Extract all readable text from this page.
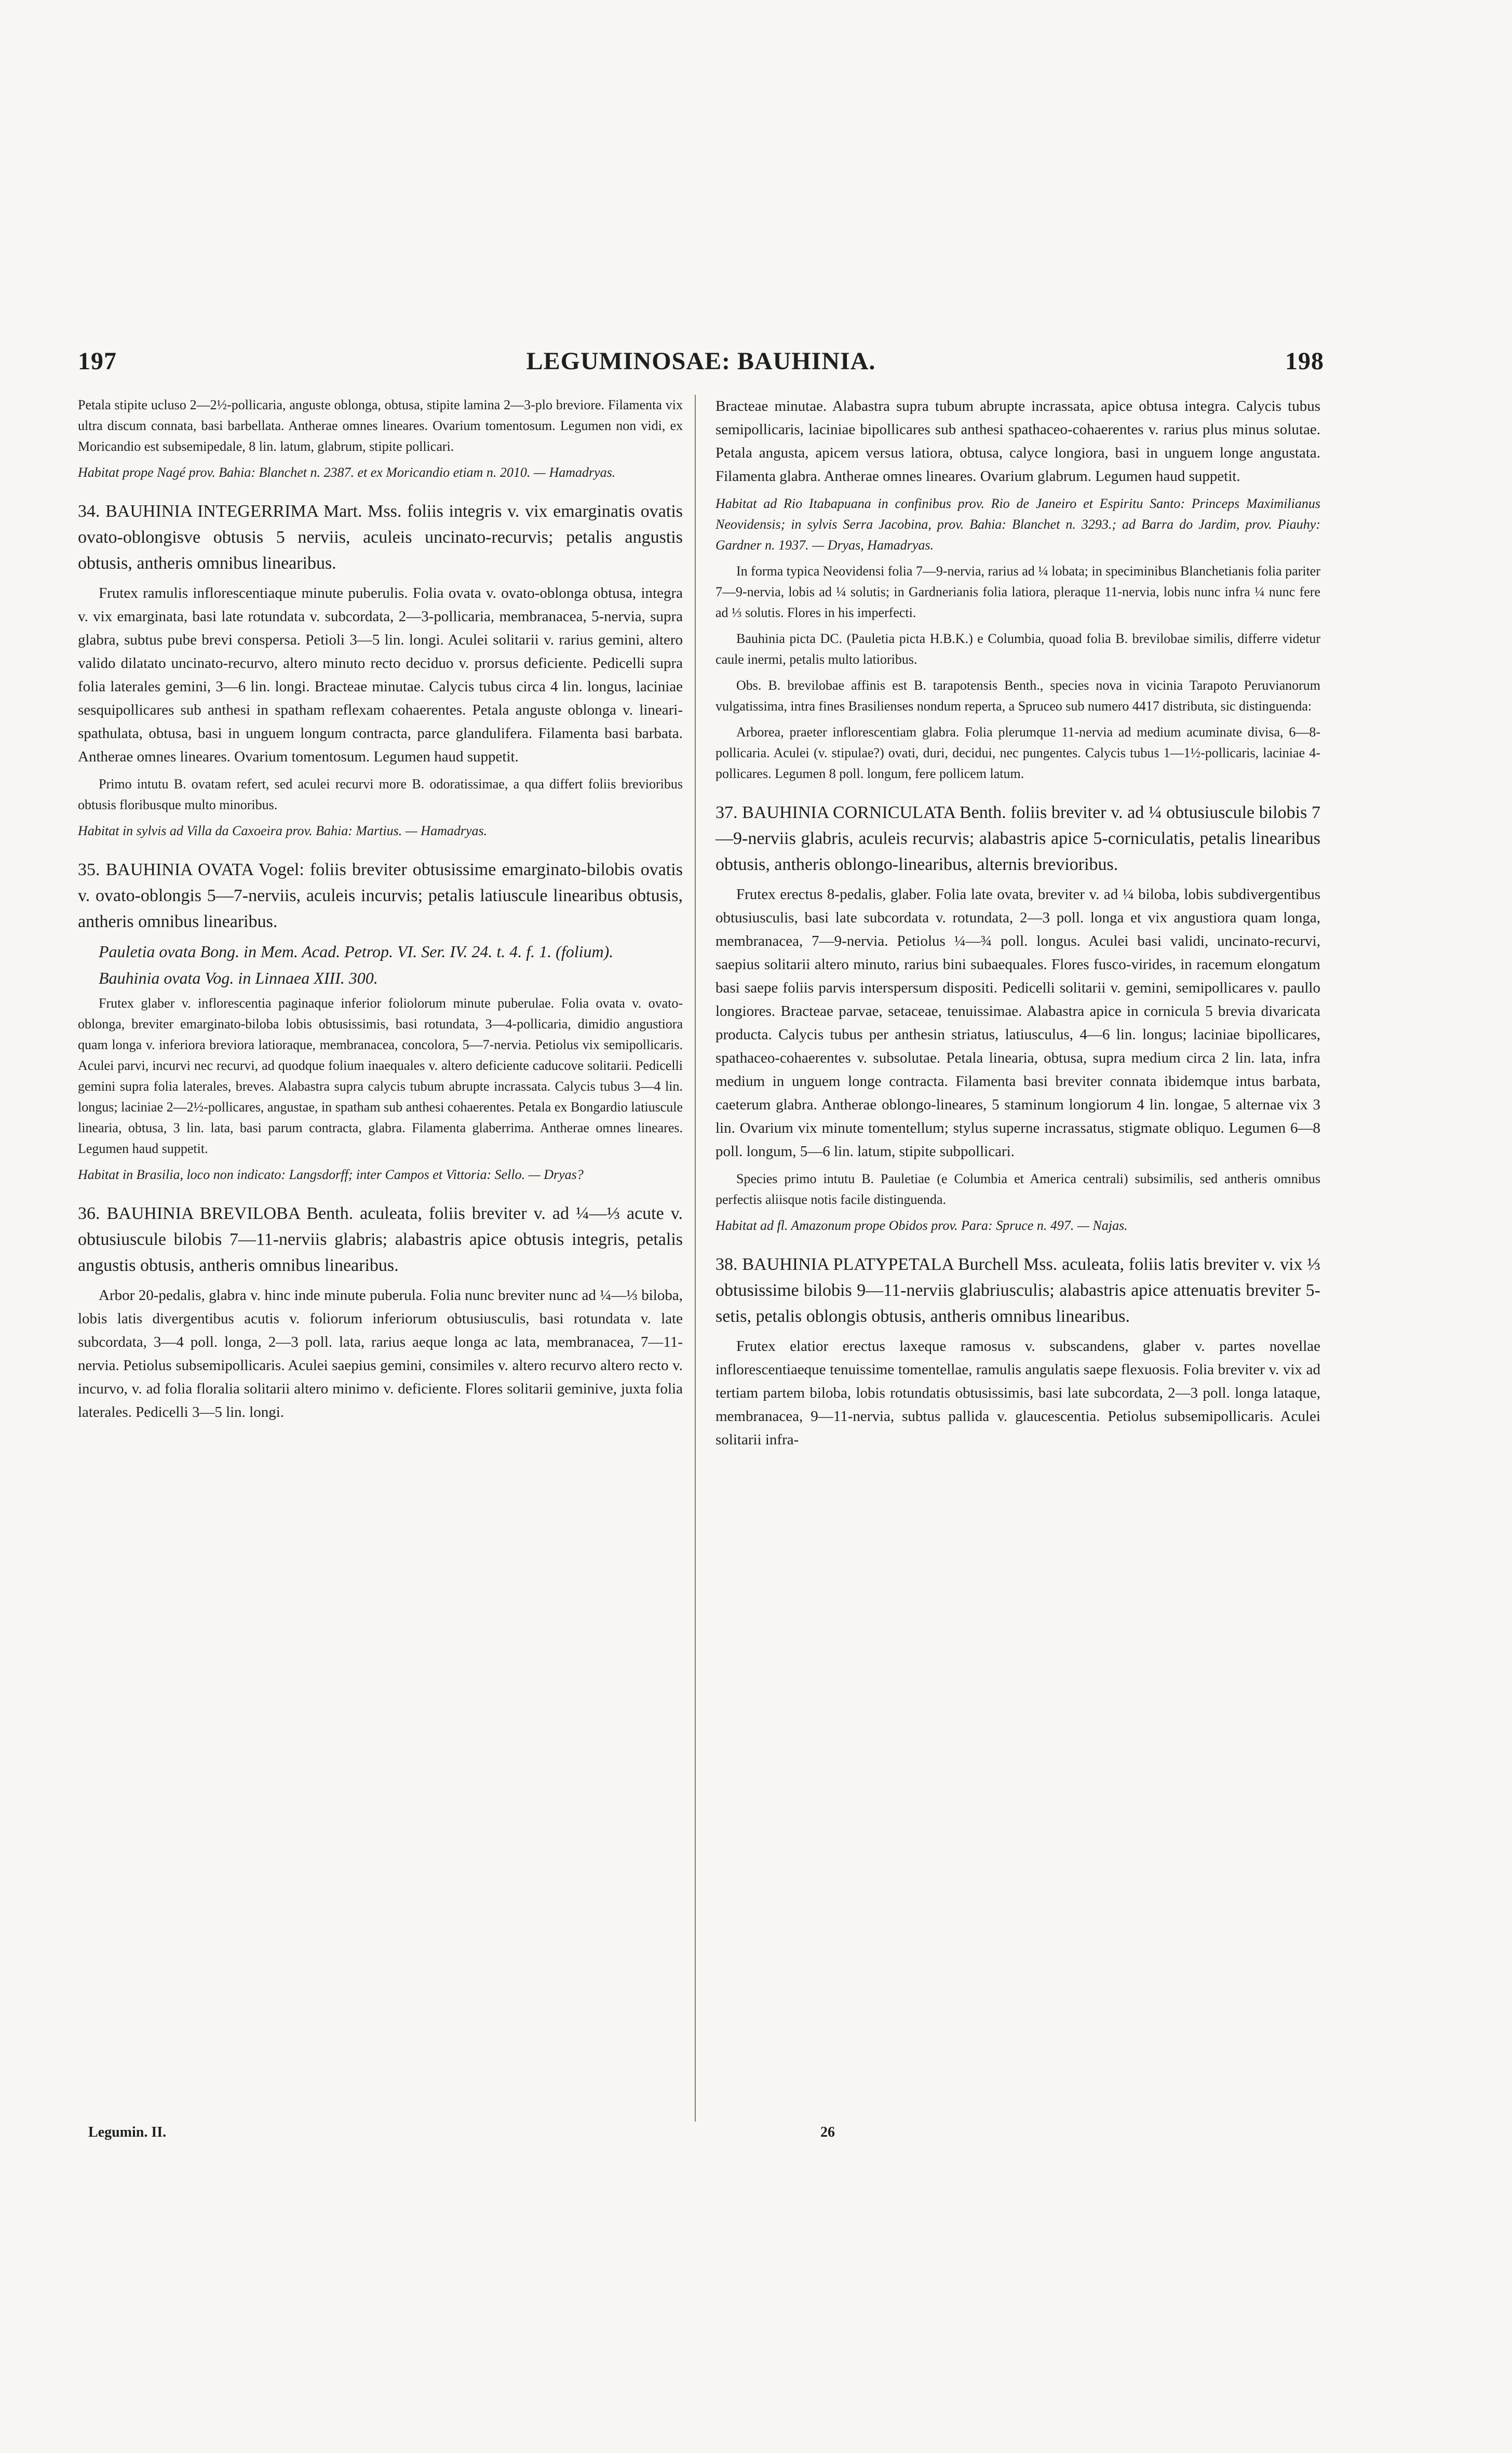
197	LEGUMINOSAE: BAUHINIA.	198

Petala stipite ucluso 2—2½-pollicaria, anguste oblonga, obtusa, stipite lamina 2—3-plo breviore. Filamenta vix ultra discum connata, basi barbellata. Antherae omnes lineares. Ovarium tomentosum. Legumen non vidi, ex Moricandio est subsemipedale, 8 lin. latum, glabrum, stipite pollicari.

Habitat prope Nagé prov. Bahia: Blanchet n. 2387. et ex Moricandio etiam n. 2010. — Hamadryas.

34. BAUHINIA INTEGERRIMA Mart. Mss. foliis integris v. vix emarginatis ovatis ovato-oblongisve obtusis 5 nerviis, aculeis uncinato-recurvis; petalis angustis obtusis, antheris omnibus linearibus.

Frutex ramulis inflorescentiaque minute puberulis. Folia ovata v. ovato-oblonga obtusa, integra v. vix emarginata, basi late rotundata v. subcordata, 2—3-pollicaria, membranacea, 5-nervia, supra glabra, subtus pube brevi conspersa. Petioli 3—5 lin. longi. Aculei solitarii v. rarius gemini, altero valido dilatato uncinato-recurvo, altero minuto recto deciduo v. prorsus deficiente. Pedicelli supra folia laterales gemini, 3—6 lin. longi. Bracteae minutae. Calycis tubus circa 4 lin. longus, laciniae sesquipollicares sub anthesi in spatham reflexam cohaerentes. Petala anguste oblonga v. lineari-spathulata, obtusa, basi in unguem longum contracta, parce glandulifera. Filamenta basi barbata. Antherae omnes lineares. Ovarium tomentosum. Legumen haud suppetit.

Primo intutu B. ovatam refert, sed aculei recurvi more B. odoratissimae, a qua differt foliis brevioribus obtusis floribusque multo minoribus.

Habitat in sylvis ad Villa da Caxoeira prov. Bahia: Martius. — Hamadryas.

35. BAUHINIA OVATA Vogel: foliis breviter obtusissime emarginato-bilobis ovatis v. ovato-oblongis 5—7-nerviis, aculeis incurvis; petalis latiuscule linearibus obtusis, antheris omnibus linearibus.

Pauletia ovata Bong. in Mem. Acad. Petrop. VI. Ser. IV. 24. t. 4. f. 1. (folium).

Bauhinia ovata Vog. in Linnaea XIII. 300.

Frutex glaber v. inflorescentia paginaque inferior foliolorum minute puberulae. Folia ovata v. ovato-oblonga, breviter emarginato-biloba lobis obtusissimis, basi rotundata, 3—4-pollicaria, dimidio angustiora quam longa v. inferiora breviora latioraque, membranacea, concolora, 5—7-nervia. Petiolus vix semipollicaris. Aculei parvi, incurvi nec recurvi, ad quodque folium inaequales v. altero deficiente caducove solitarii. Pedicelli gemini supra folia laterales, breves. Alabastra supra calycis tubum abrupte incrassata. Calycis tubus 3—4 lin. longus; laciniae 2—2½-pollicares, angustae, in spatham sub anthesi cohaerentes. Petala ex Bongardio latiuscule linearia, obtusa, 3 lin. lata, basi parum contracta, glabra. Filamenta glaberrima. Antherae omnes lineares. Legumen haud suppetit.

Habitat in Brasilia, loco non indicato: Langsdorff; inter Campos et Vittoria: Sello. — Dryas?

36. BAUHINIA BREVILOBA Benth. aculeata, foliis breviter v. ad ¼—⅓ acute v. obtusiuscule bilobis 7—11-nerviis glabris; alabastris apice obtusis integris, petalis angustis obtusis, antheris omnibus linearibus.

Arbor 20-pedalis, glabra v. hinc inde minute puberula. Folia nunc breviter nunc ad ¼—⅓ biloba, lobis latis divergentibus acutis v. foliorum inferiorum obtusiusculis, basi rotundata v. late subcordata, 3—4 poll. longa, 2—3 poll. lata, rarius aeque longa ac lata, membranacea, 7—11-nervia. Petiolus subsemipollicaris. Aculei saepius gemini, consimiles v. altero recurvo altero recto v. incurvo, v. ad folia floralia solitarii altero minimo v. deficiente. Flores solitarii geminive, juxta folia laterales. Pedicelli 3—5 lin. longi.

Bracteae minutae. Alabastra supra tubum abrupte incrassata, apice obtusa integra. Calycis tubus semipollicaris, laciniae bipollicares sub anthesi spathaceo-cohaerentes v. rarius plus minus solutae. Petala angusta, apicem versus latiora, obtusa, calyce longiora, basi in unguem longe angustata. Filamenta glabra. Antherae omnes lineares. Ovarium glabrum. Legumen haud suppetit.

Habitat ad Rio Itabapuana in confinibus prov. Rio de Janeiro et Espiritu Santo: Princeps Maximilianus Neovidensis; in sylvis Serra Jacobina, prov. Bahia: Blanchet n. 3293.; ad Barra do Jardim, prov. Piauhy: Gardner n. 1937. — Dryas, Hamadryas.

In forma typica Neovidensi folia 7—9-nervia, rarius ad ¼ lobata; in speciminibus Blanchetianis folia pariter 7—9-nervia, lobis ad ¼ solutis; in Gardnerianis folia latiora, pleraque 11-nervia, lobis nunc infra ¼ nunc fere ad ⅓ solutis. Flores in his imperfecti.

Bauhinia picta DC. (Pauletia picta H.B.K.) e Columbia, quoad folia B. brevilobae similis, differre videtur caule inermi, petalis multo latioribus.

Obs. B. brevilobae affinis est B. tarapotensis Benth., species nova in vicinia Tarapoto Peruvianorum vulgatissima, intra fines Brasilienses nondum reperta, a Spruceo sub numero 4417 distributa, sic distinguenda:

Arborea, praeter inflorescentiam glabra. Folia plerumque 11-nervia ad medium acuminate divisa, 6—8-pollicaria. Aculei (v. stipulae?) ovati, duri, decidui, nec pungentes. Calycis tubus 1—1½-pollicaris, laciniae 4-pollicares. Legumen 8 poll. longum, fere pollicem latum.

37. BAUHINIA CORNICULATA Benth. foliis breviter v. ad ¼ obtusiuscule bilobis 7—9-nerviis glabris, aculeis recurvis; alabastris apice 5-corniculatis, petalis linearibus obtusis, antheris oblongo-linearibus, alternis brevioribus.

Frutex erectus 8-pedalis, glaber. Folia late ovata, breviter v. ad ¼ biloba, lobis subdivergentibus obtusiusculis, basi late subcordata v. rotundata, 2—3 poll. longa et vix angustiora quam longa, membranacea, 7—9-nervia. Petiolus ¼—¾ poll. longus. Aculei basi validi, uncinato-recurvi, saepius solitarii altero minuto, rarius bini subaequales. Flores fusco-virides, in racemum elongatum basi saepe foliis parvis interspersum dispositi. Pedicelli solitarii v. gemini, semipollicares v. paullo longiores. Bracteae parvae, setaceae, tenuissimae. Alabastra apice in cornicula 5 brevia divaricata producta. Calycis tubus per anthesin striatus, latiusculus, 4—6 lin. longus; laciniae bipollicares, spathaceo-cohaerentes v. subsolutae. Petala linearia, obtusa, supra medium circa 2 lin. lata, infra medium in unguem longe contracta. Filamenta basi breviter connata ibidemque intus barbata, caeterum glabra. Antherae oblongo-lineares, 5 staminum longiorum 4 lin. longae, 5 alternae vix 3 lin. Ovarium vix minute tomentellum; stylus superne incrassatus, stigmate obliquo. Legumen 6—8 poll. longum, 5—6 lin. latum, stipite subpollicari.

Species primo intutu B. Pauletiae (e Columbia et America centrali) subsimilis, sed antheris omnibus perfectis aliisque notis facile distinguenda.

Habitat ad fl. Amazonum prope Obidos prov. Para: Spruce n. 497. — Najas.

38. BAUHINIA PLATYPETALA Burchell Mss. aculeata, foliis latis breviter v. vix ⅓ obtusissime bilobis 9—11-nerviis glabriusculis; alabastris apice attenuatis breviter 5-setis, petalis oblongis obtusis, antheris omnibus linearibus.

Frutex elatior erectus laxeque ramosus v. subscandens, glaber v. partes novellae inflorescentiaeque tenuissime tomentellae, ramulis angulatis saepe flexuosis. Folia breviter v. vix ad tertiam partem biloba, lobis rotundatis obtusissimis, basi late subcordata, 2—3 poll. longa lataque, membranacea, 9—11-nervia, subtus pallida v. glaucescentia. Petiolus subsemipollicaris. Aculei solitarii infra-

Legumin. II.	26
